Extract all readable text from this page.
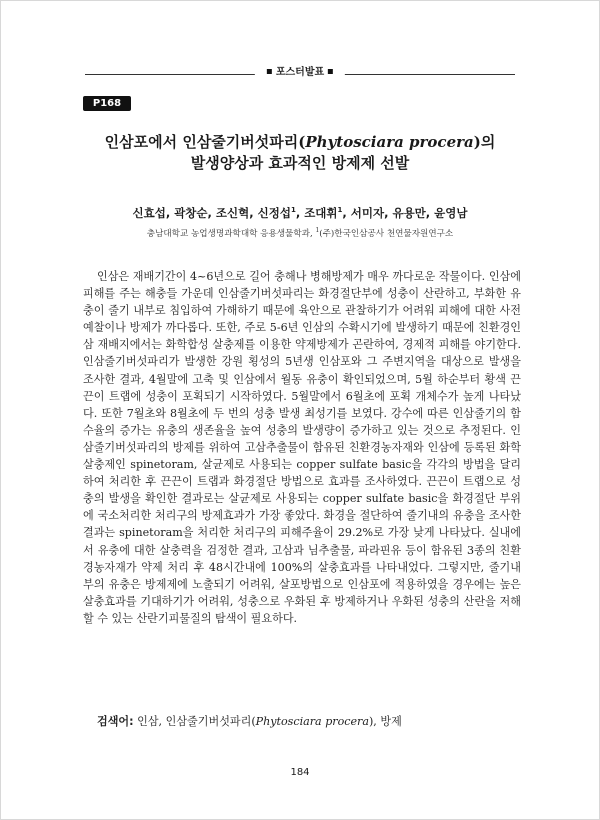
포스터발표
P168
인삼포에서 인삼줄기버섯파리(Phytosciara procera)의
발생양상과 효과적인 방제제 선발
신효섭, 곽창순, 조신혁, 신정섭$^1$, 조대휘$^1$, 서미자, 유용만, 윤영남
충남대학교 농업생명과학대학 응용생물학과, $^1$(주)한국인삼공사 천연물자원연구소

인삼은 재배기간이 4~6년으로 길어 충해나 병해방제가 매우 까다로운 작물이다. 인삼에 피해를 주는 해충들 가운데 인삼줄기버섯파리는 화경절단부에 성충이 산란하고, 부화한 유충이 줄기 내부로 침입하여 가해하기 때문에 육안으로 관찰하기가 어려워 피해에 대한 사전예찰이나 방제가 까다롭다. 또한, 주로 5-6년 인삼의 수확시기에 발생하기 때문에 친환경인삼 재배지에서는 화학합성 살충제를 이용한 약제방제가 곤란하여, 경제적 피해를 야기한다. 인삼줄기버섯파리가 발생한 강원 횡성의 5년생 인삼포와 그 주변지역을 대상으로 발생을 조사한 결과, 4월말에 고축 및 인삼에서 월동 유충이 확인되었으며, 5월 하순부터 황색 끈끈이 트랩에 성충이 포획되기 시작하였다. 5월말에서 6월초에 포획 개체수가 높게 나타났다. 또한 7월초와 8월초에 두 번의 성충 발생 최성기를 보였다. 강수에 따른 인삼줄기의 함수율의 증가는 유충의 생존율을 높여 성충의 발생량이 증가하고 있는 것으로 추정된다. 인삼줄기버섯파리의 방제를 위하여 고삼추출물이 함유된 친환경농자재와 인삼에 등록된 화학살충제인 spinetoram, 살균제로 사용되는 copper sulfate basic을 각각의 방법을 달리하여 처리한 후 끈끈이 트랩과 화경절단 방법으로 효과를 조사하였다. 끈끈이 트랩으로 성충의 발생을 확인한 결과로는 살균제로 사용되는 copper sulfate basic을 화경절단 부위에 국소처리한 처리구의 방제효과가 가장 좋았다. 화경을 절단하여 줄기내의 유충을 조사한 결과는 spinetoram을 처리한 처리구의 피해주율이 29.2%로 가장 낮게 나타났다. 실내에서 유충에 대한 살충력을 검정한 결과, 고삼과 님추출물, 파라핀유 등이 함유된 3종의 친환경농자재가 약제 처리 후 48시간내에 100%의 살충효과를 나타내었다. 그렇지만, 줄기내부의 유충은 방제제에 노출되기 어려워, 살포방법으로 인삼포에 적용하였을 경우에는 높은 살충효과를 기대하기가 어려워, 성충으로 우화된 후 방제하거나 우화된 성충의 산란을 저해할 수 있는 산란기피물질의 탐색이 필요하다.

검색어: 인삼, 인삼줄기버섯파리(Phytosciara procera), 방제
184
